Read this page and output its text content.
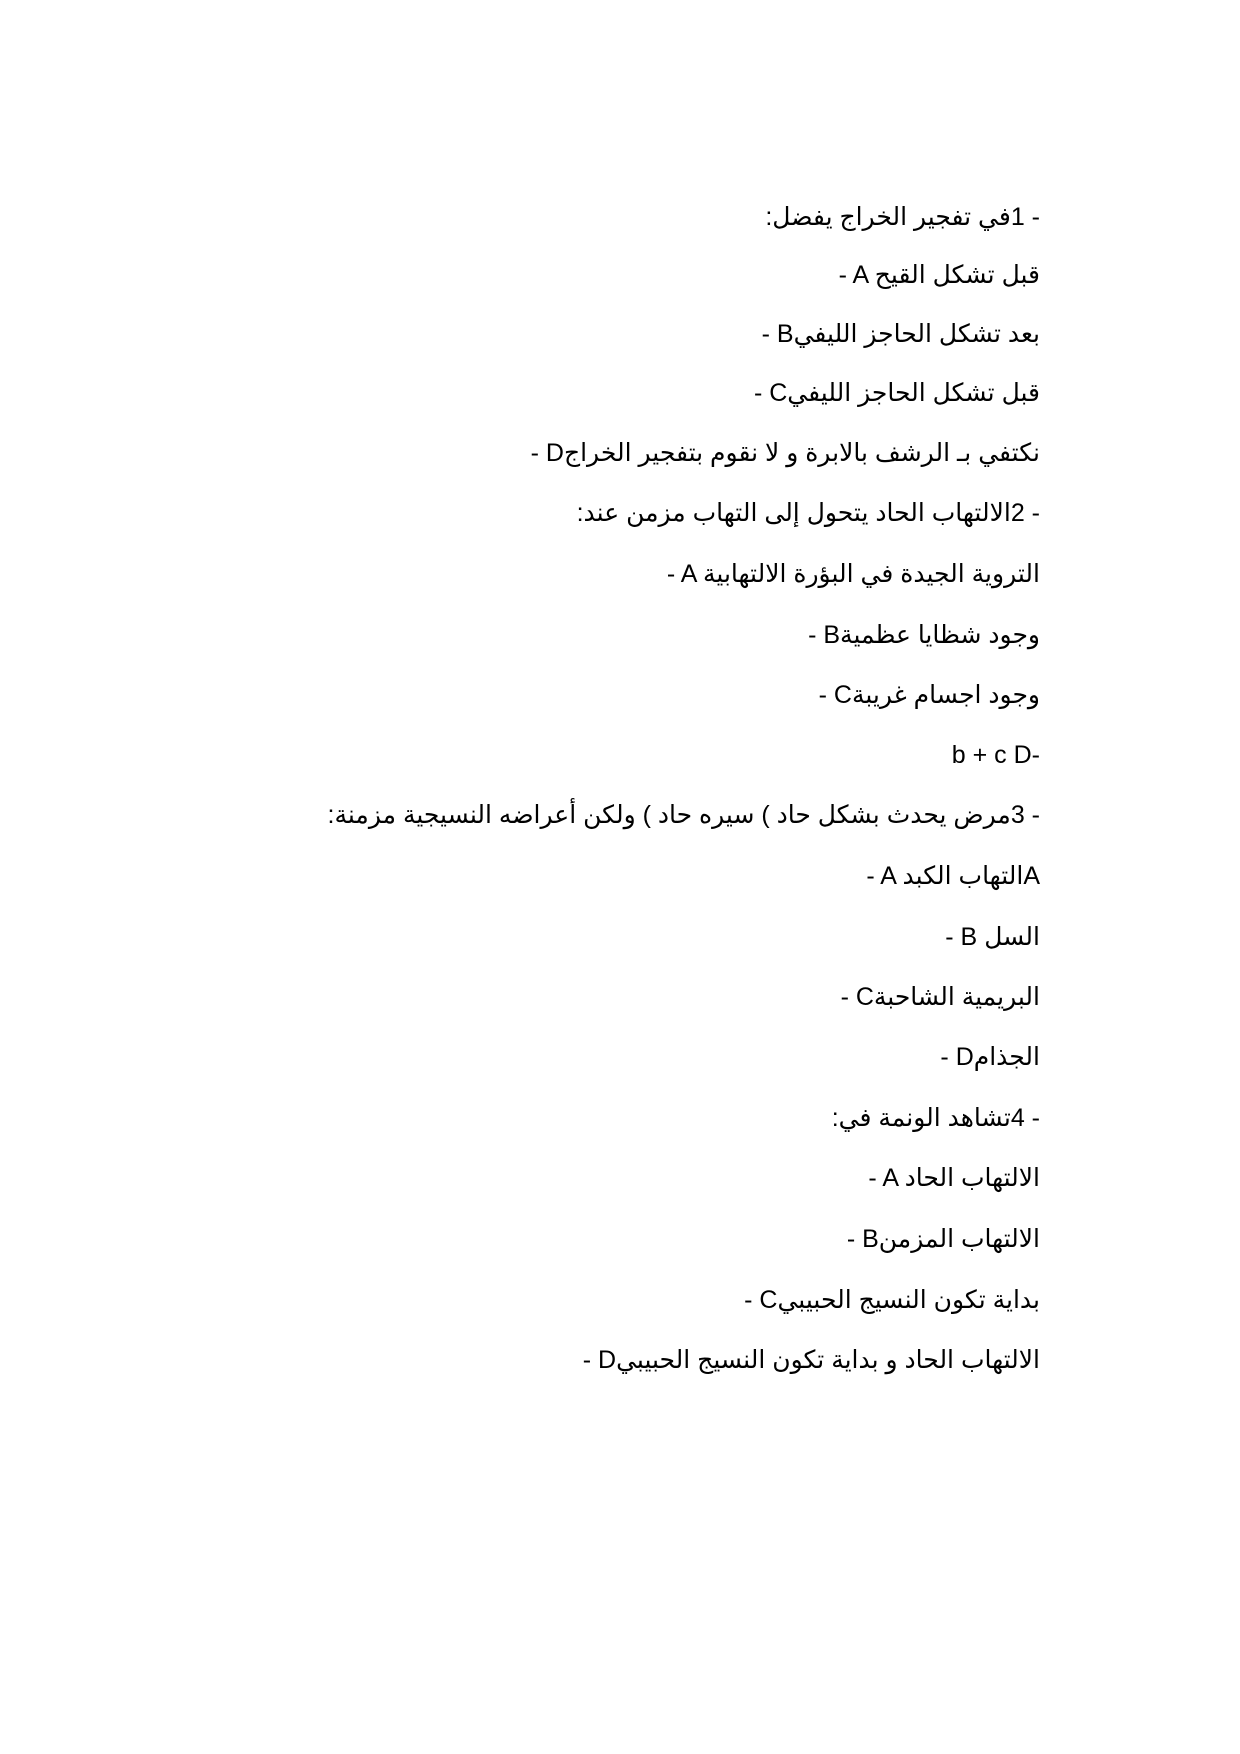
- 1في تفجير الخراج يفضل:
- A قبل تشكل القيح
- Bبعد تشكل الحاجز الليفي
- Cقبل تشكل الحاجز الليفي
- Dنكتفي بـ الرشف بالابرة و لا نقوم بتفجير الخراج
- 2الالتهاب الحاد يتحول إلى التهاب مزمن عند:
- A التروية الجيدة في البؤرة الالتهابية
- Bوجود شظايا عظمية
- Cوجود اجسام غريبة
b + c D-
- 3مرض يحدث بشكل حاد ) سيره حاد ) ولكن أعراضه النسيجية مزمنة:
- A التهاب الكبدA
- B السل
- Cالبريمية الشاحبة
- Dالجذام
- 4تشاهد الونمة في:
- A الالتهاب الحاد
- Bالالتهاب المزمن
- Cبداية تكون النسيج الحبيبي
- Dالالتهاب الحاد و بداية تكون النسيج الحبيبي
